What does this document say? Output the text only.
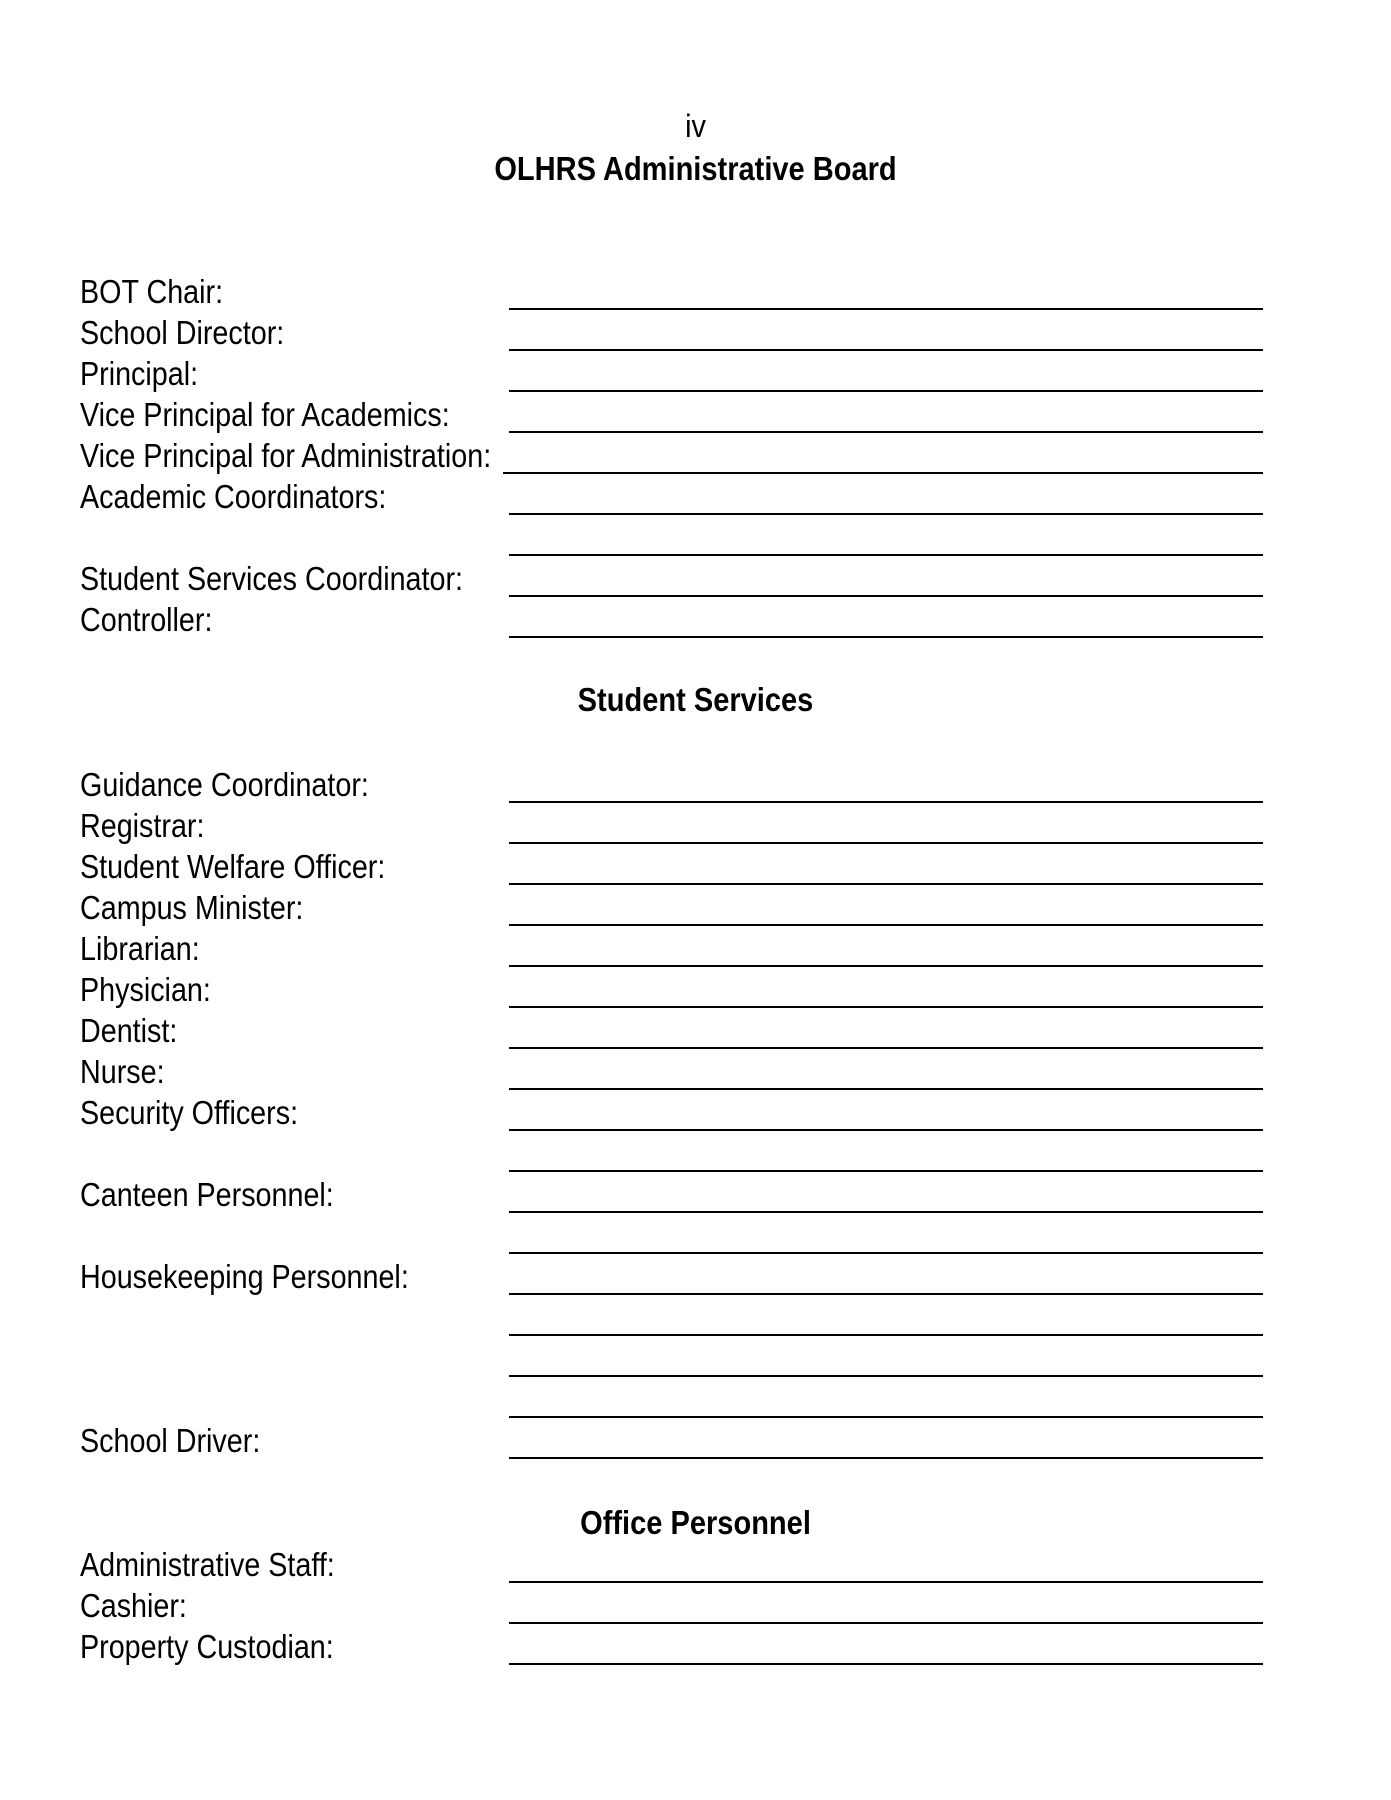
iv
OLHRS Administrative Board
BOT Chair:
School Director:
Principal:
Vice Principal for Academics:
Vice Principal for Administration:
Academic Coordinators:
Student Services Coordinator:
Controller:
Student Services
Guidance Coordinator:
Registrar:
Student Welfare Officer:
Campus Minister:
Librarian:
Physician:
Dentist:
Nurse:
Security Officers:
Canteen Personnel:
Housekeeping Personnel:
School Driver:
Office Personnel
Administrative Staff:
Cashier:
Property Custodian:
